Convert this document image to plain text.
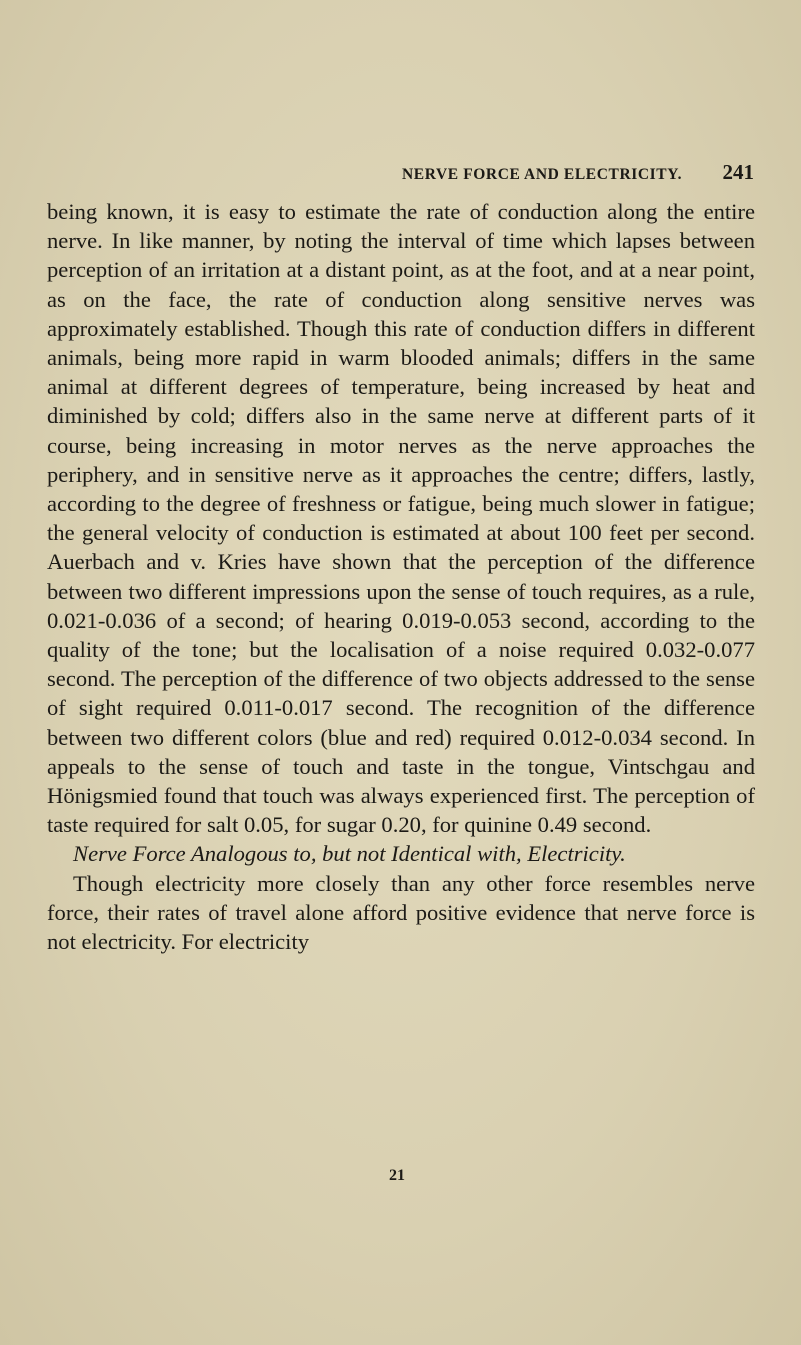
NERVE FORCE AND ELECTRICITY. 241

being known, it is easy to estimate the rate of conduction along the entire nerve. In like manner, by noting the interval of time which lapses between perception of an irritation at a distant point, as at the foot, and at a near point, as on the face, the rate of conduction along sensitive nerves was approximately established. Though this rate of conduction differs in different animals, being more rapid in warm blooded animals; differs in the same animal at different degrees of temperature, being increased by heat and diminished by cold; differs also in the same nerve at different parts of it course, being increasing in motor nerves as the nerve approaches the periphery, and in sensitive nerve as it approaches the centre; differs, lastly, according to the degree of freshness or fatigue, being much slower in fatigue; the general velocity of conduction is estimated at about 100 feet per second. Auerbach and v. Kries have shown that the perception of the difference between two different impressions upon the sense of touch requires, as a rule, 0.021-0.036 of a second; of hearing 0.019-0.053 second, according to the quality of the tone; but the localisation of a noise required 0.032-0.077 second. The perception of the difference of two objects addressed to the sense of sight required 0.011-0.017 second. The recognition of the difference between two different colors (blue and red) required 0.012-0.034 second. In appeals to the sense of touch and taste in the tongue, Vintschgau and Hönigsmied found that touch was always experienced first. The perception of taste required for salt 0.05, for sugar 0.20, for quinine 0.49 second.

Nerve Force Analogous to, but not Identical with, Electricity.

Though electricity more closely than any other force resembles nerve force, their rates of travel alone afford positive evidence that nerve force is not electricity. For electricity

21
